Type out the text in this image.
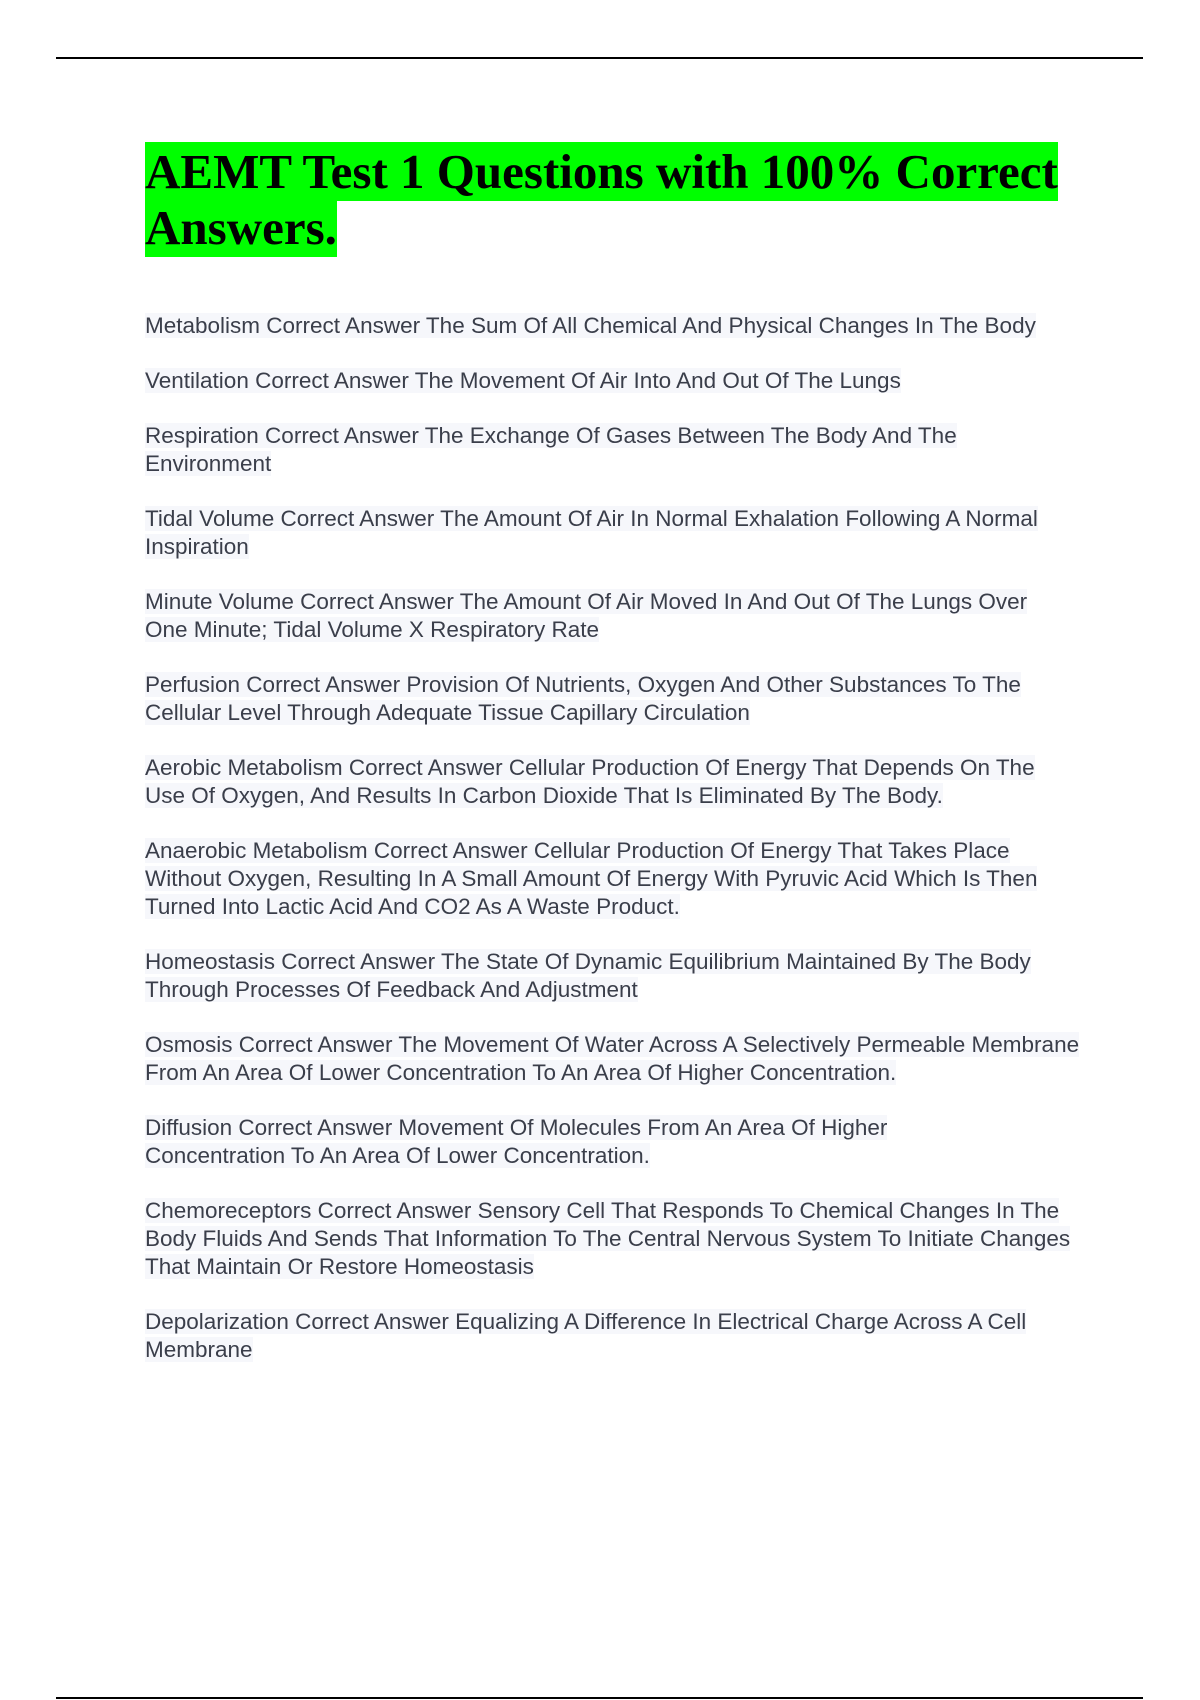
AEMT Test 1 Questions with 100% Correct Answers.

Metabolism Correct Answer The Sum Of All Chemical And Physical Changes In The Body

Ventilation Correct Answer The Movement Of Air Into And Out Of The Lungs

Respiration Correct Answer The Exchange Of Gases Between The Body And The Environment

Tidal Volume Correct Answer The Amount Of Air In Normal Exhalation Following A Normal Inspiration

Minute Volume Correct Answer The Amount Of Air Moved In And Out Of The Lungs Over One Minute; Tidal Volume X Respiratory Rate

Perfusion Correct Answer Provision Of Nutrients, Oxygen And Other Substances To The Cellular Level Through Adequate Tissue Capillary Circulation

Aerobic Metabolism Correct Answer Cellular Production Of Energy That Depends On The Use Of Oxygen, And Results In Carbon Dioxide That Is Eliminated By The Body.

Anaerobic Metabolism Correct Answer Cellular Production Of Energy That Takes Place Without Oxygen, Resulting In A Small Amount Of Energy With Pyruvic Acid Which Is Then Turned Into Lactic Acid And CO2 As A Waste Product.

Homeostasis Correct Answer The State Of Dynamic Equilibrium Maintained By The Body Through Processes Of Feedback And Adjustment

Osmosis Correct Answer The Movement Of Water Across A Selectively Permeable Membrane From An Area Of Lower Concentration To An Area Of Higher Concentration.

Diffusion Correct Answer Movement Of Molecules From An Area Of Higher Concentration To An Area Of Lower Concentration.

Chemoreceptors Correct Answer Sensory Cell That Responds To Chemical Changes In The Body Fluids And Sends That Information To The Central Nervous System To Initiate Changes That Maintain Or Restore Homeostasis

Depolarization Correct Answer Equalizing A Difference In Electrical Charge Across A Cell Membrane
